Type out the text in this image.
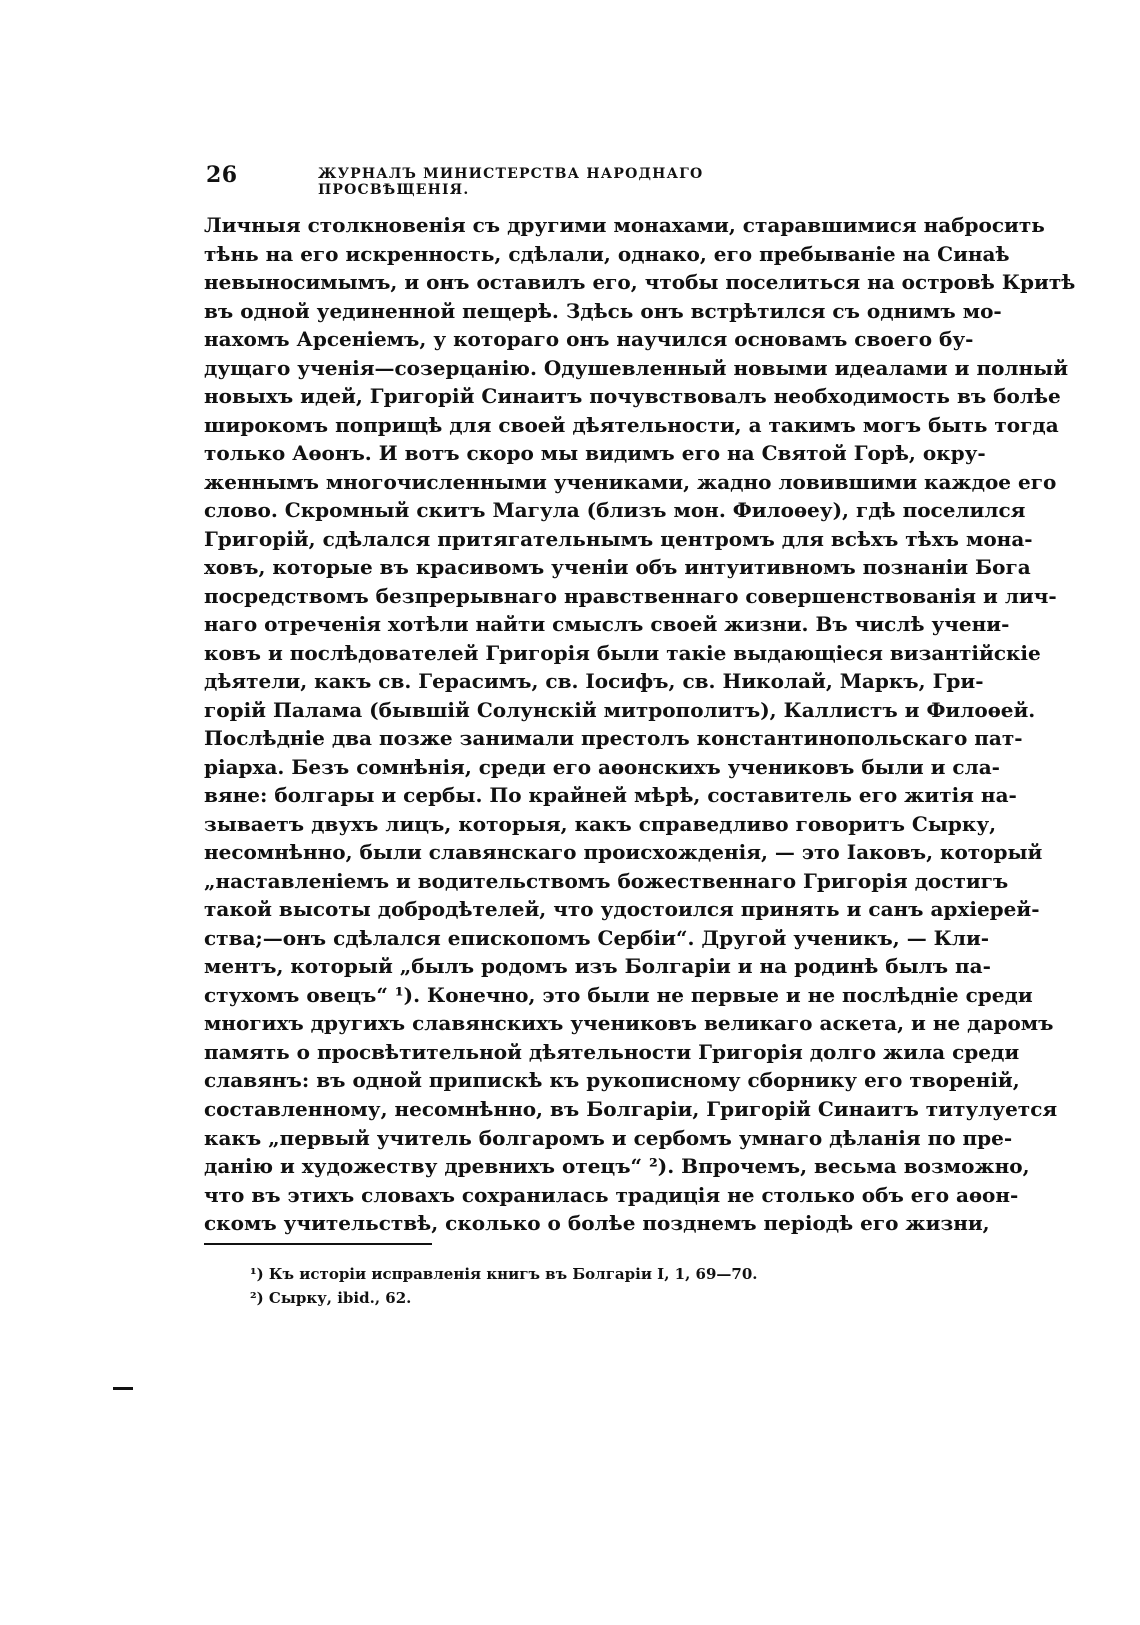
26	ЖУРНАЛЪ МИНИСТЕРСТВА НАРОДНАГО ПРОСВѢЩЕНІЯ.
Личныя столкновенія съ другими монахами, старавшимися набросить
тѣнь на его искренность, сдѣлали, однако, его пребываніе на Синаѣ
невыносимымъ, и онъ оставилъ его, чтобы поселиться на островѣ Критѣ
въ одной уединенной пещерѣ. Здѣсь онъ встрѣтился съ однимъ мо-
нахомъ Арсеніемъ, у котораго онъ научился основамъ своего бу-
дущаго ученія—созерцанію. Одушевленный новыми идеалами и полный
новыхъ идей, Григорій Синаитъ почувствовалъ необходимость въ болѣе
широкомъ поприщѣ для своей дѣятельности, а такимъ могъ быть тогда
только Аѳонъ. И вотъ скоро мы видимъ его на Святой Горѣ, окру-
женнымъ многочисленными учениками, жадно ловившими каждое его
слово. Скромный скитъ Магула (близъ мон. Филоѳеу), гдѣ поселился
Григорій, сдѣлался притягательнымъ центромъ для всѣхъ тѣхъ мона-
ховъ, которые въ красивомъ ученіи объ интуитивномъ познаніи Бога
посредствомъ безпрерывнаго нравственнаго совершенствованія и лич-
наго отреченія хотѣли найти смыслъ своей жизни. Въ числѣ учени-
ковъ и послѣдователей Григорія были такіе выдающіеся византійскіе
дѣятели, какъ св. Герасимъ, св. Іосифъ, св. Николай, Маркъ, Гри-
горій Палама (бывшій Солунскій митрополитъ), Каллистъ и Филоѳей.
Послѣдніе два позже занимали престолъ константинопольскаго пат-
ріарха. Безъ сомнѣнія, среди его аѳонскихъ учениковъ были и сла-
вяне: болгары и сербы. По крайней мѣрѣ, составитель его житія на-
зываетъ двухъ лицъ, которыя, какъ справедливо говоритъ Сырку,
несомнѣнно, были славянскаго происхожденія, — это Іаковъ, который
„наставленіемъ и водительствомъ божественнаго Григорія достигъ
такой высоты добродѣтелей, что удостоился принять и санъ архіерей-
ства;—онъ сдѣлался епископомъ Сербіи“. Другой ученикъ, — Кли-
ментъ, который „былъ родомъ изъ Болгаріи и на родинѣ былъ па-
стухомъ овецъ“ ¹). Конечно, это были не первые и не послѣдніе среди
многихъ другихъ славянскихъ учениковъ великаго аскета, и не даромъ
память о просвѣтительной дѣятельности Григорія долго жила среди
славянъ: въ одной припискѣ къ рукописному сборнику его твореній,
составленному, несомнѣнно, въ Болгаріи, Григорій Синаитъ титулуется
какъ „первый учитель болгаромъ и сербомъ умнаго дѣланія по пре-
данію и художеству древнихъ отецъ“ ²). Впрочемъ, весьма возможно,
что въ этихъ словахъ сохранилась традиція не столько объ его аѳон-
скомъ учительствѣ, сколько о болѣе позднемъ періодѣ его жизни,
¹) Къ исторіи исправленія книгъ въ Болгаріи I, 1, 69—70.
²) Сырку, ibid., 62.
